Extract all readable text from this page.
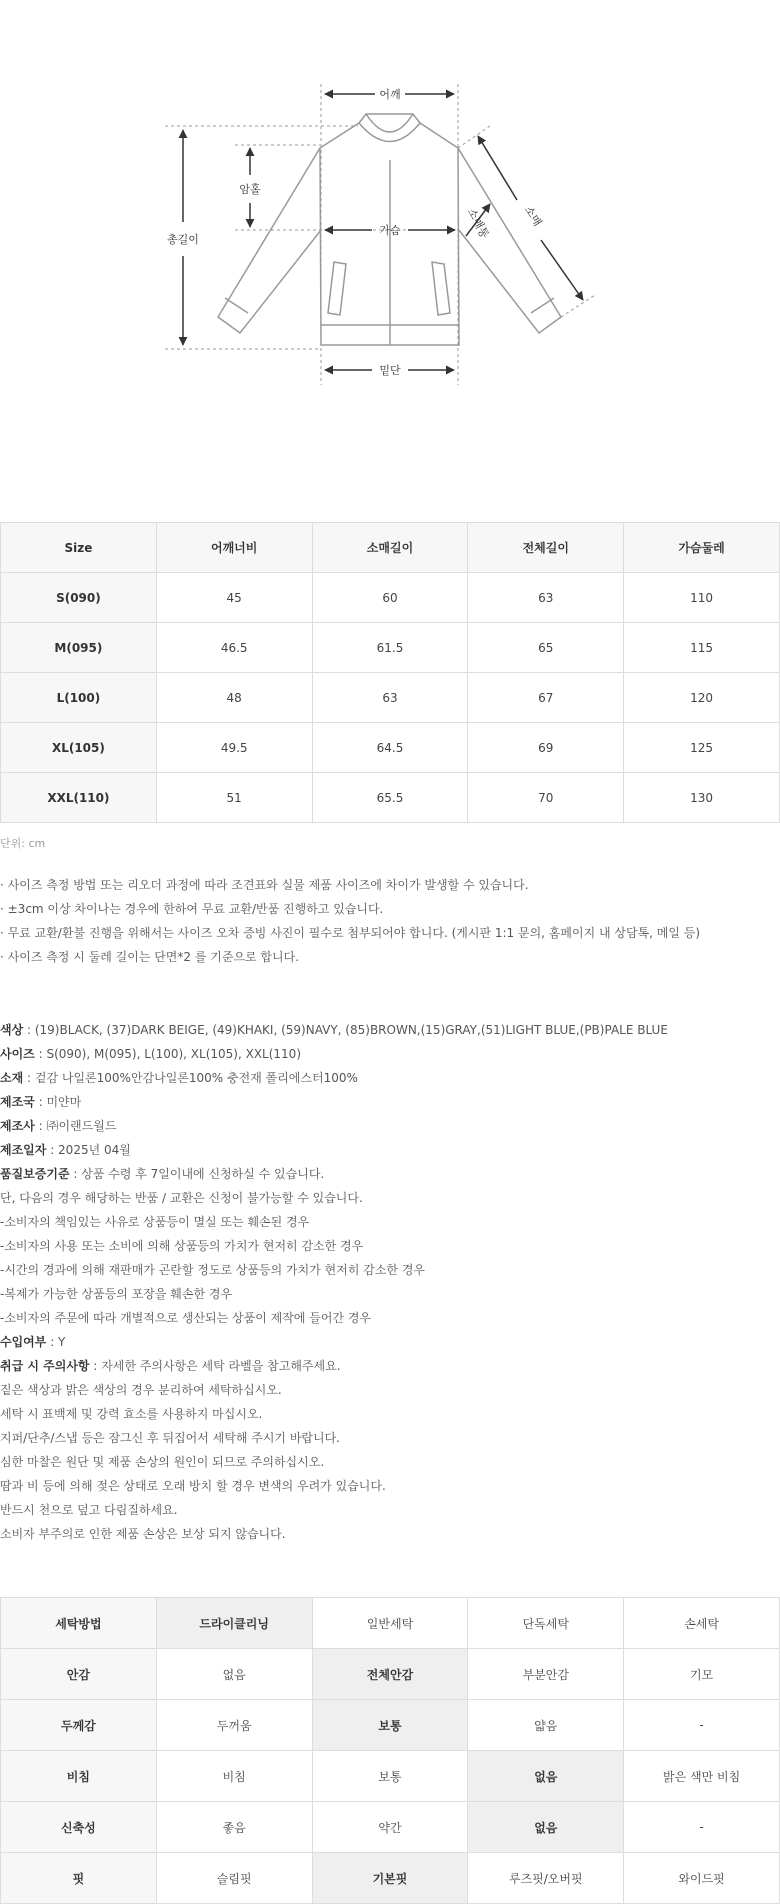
어깨
암홀
총길이
가슴
밑단
소매통	소매
Size	어깨너비	소매길이	전체길이	가슴둘레
S(090)	45	60	63	110
M(095)	46.5	61.5	65	115
L(100)	48	63	67	120
XL(105)	49.5	64.5	69	125
XXL(110)	51	65.5	70	130
단위: cm
· 사이즈 측정 방법 또는 리오더 과정에 따라 조견표와 실물 제품 사이즈에 차이가 발생할 수 있습니다.
· ±3cm 이상 차이나는 경우에 한하여 무료 교환/반품 진행하고 있습니다.
· 무료 교환/환불 진행을 위해서는 사이즈 오차 증빙 사진이 필수로 첨부되어야 합니다. (게시판 1:1 문의, 홈페이지 내 상담톡, 메일 등)
· 사이즈 측정 시 둘레 길이는 단면*2 를 기준으로 합니다.
색상 : (19)BLACK, (37)DARK BEIGE, (49)KHAKI, (59)NAVY, (85)BROWN,(15)GRAY,(51)LIGHT BLUE,(PB)PALE BLUE
사이즈 : S(090), M(095), L(100), XL(105), XXL(110)
소재 : 겉감 나일론100%안감나일론100% 충전재 폴리에스터100%
제조국 : 미얀마
제조사 : ㈜이랜드월드
제조일자 : 2025년 04월
품질보증기준 : 상품 수령 후 7일이내에 신청하실 수 있습니다.
단, 다음의 경우 해당하는 반품 / 교환은 신청이 불가능할 수 있습니다.
-소비자의 책임있는 사유로 상품등이 멸실 또는 훼손된 경우
-소비자의 사용 또는 소비에 의해 상품등의 가치가 현저히 감소한 경우
-시간의 경과에 의해 재판매가 곤란할 정도로 상품등의 가치가 현저히 감소한 경우
-복제가 가능한 상품등의 포장을 훼손한 경우
-소비자의 주문에 따라 개별적으로 생산되는 상품이 제작에 들어간 경우
수입여부 : Y
취급 시 주의사항 : 자세한 주의사항은 세탁 라벨을 참고해주세요.
짙은 색상과 밝은 색상의 경우 분리하여 세탁하십시오.
세탁 시 표백제 및 강력 효소를 사용하지 마십시오.
지퍼/단추/스냅 등은 잠그신 후 뒤집어서 세탁해 주시기 바랍니다.
심한 마찰은 원단 및 제품 손상의 원인이 되므로 주의하십시오.
땀과 비 등에 의해 젖은 상태로 오래 방치 할 경우 변색의 우려가 있습니다.
반드시 천으로 덮고 다림질하세요.
소비자 부주의로 인한 제품 손상은 보상 되지 않습니다.
세탁방법	드라이클리닝	일반세탁	단독세탁	손세탁
안감	없음	전체안감	부분안감	기모
두께감	두꺼움	보통	얇음	-
비침	비침	보통	없음	밝은 색만 비침
신축성	좋음	약간	없음	-
핏	슬림핏	기본핏	루즈핏/오버핏	와이드핏
